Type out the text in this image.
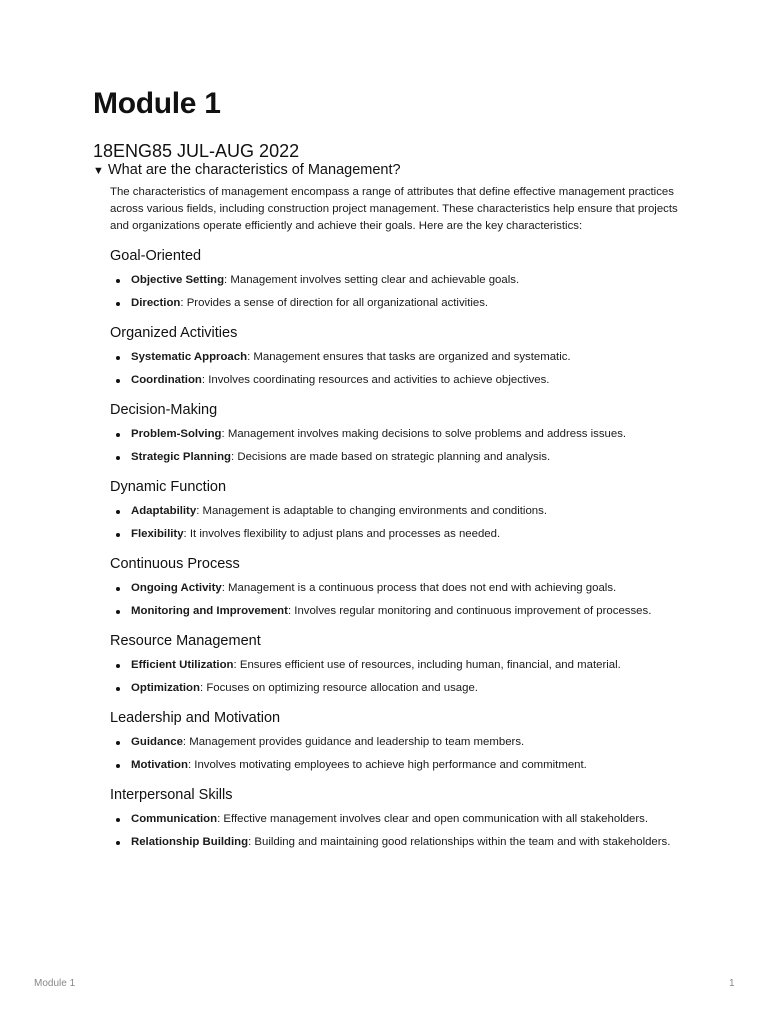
Module 1
18ENG85 JUL-AUG 2022
▼ What are the characteristics of Management?

The characteristics of management encompass a range of attributes that define effective management practices across various fields, including construction project management. These characteristics help ensure that projects and organizations operate efficiently and achieve their goals. Here are the key characteristics:

Goal-Oriented
Objective Setting: Management involves setting clear and achievable goals.
Direction: Provides a sense of direction for all organizational activities.
Organized Activities
Systematic Approach: Management ensures that tasks are organized and systematic.
Coordination: Involves coordinating resources and activities to achieve objectives.
Decision-Making
Problem-Solving: Management involves making decisions to solve problems and address issues.
Strategic Planning: Decisions are made based on strategic planning and analysis.
Dynamic Function
Adaptability: Management is adaptable to changing environments and conditions.
Flexibility: It involves flexibility to adjust plans and processes as needed.
Continuous Process
Ongoing Activity: Management is a continuous process that does not end with achieving goals.
Monitoring and Improvement: Involves regular monitoring and continuous improvement of processes.
Resource Management
Efficient Utilization: Ensures efficient use of resources, including human, financial, and material.
Optimization: Focuses on optimizing resource allocation and usage.
Leadership and Motivation
Guidance: Management provides guidance and leadership to team members.
Motivation: Involves motivating employees to achieve high performance and commitment.
Interpersonal Skills
Communication: Effective management involves clear and open communication with all stakeholders.
Relationship Building: Building and maintaining good relationships within the team and with stakeholders.
Module 1	1
